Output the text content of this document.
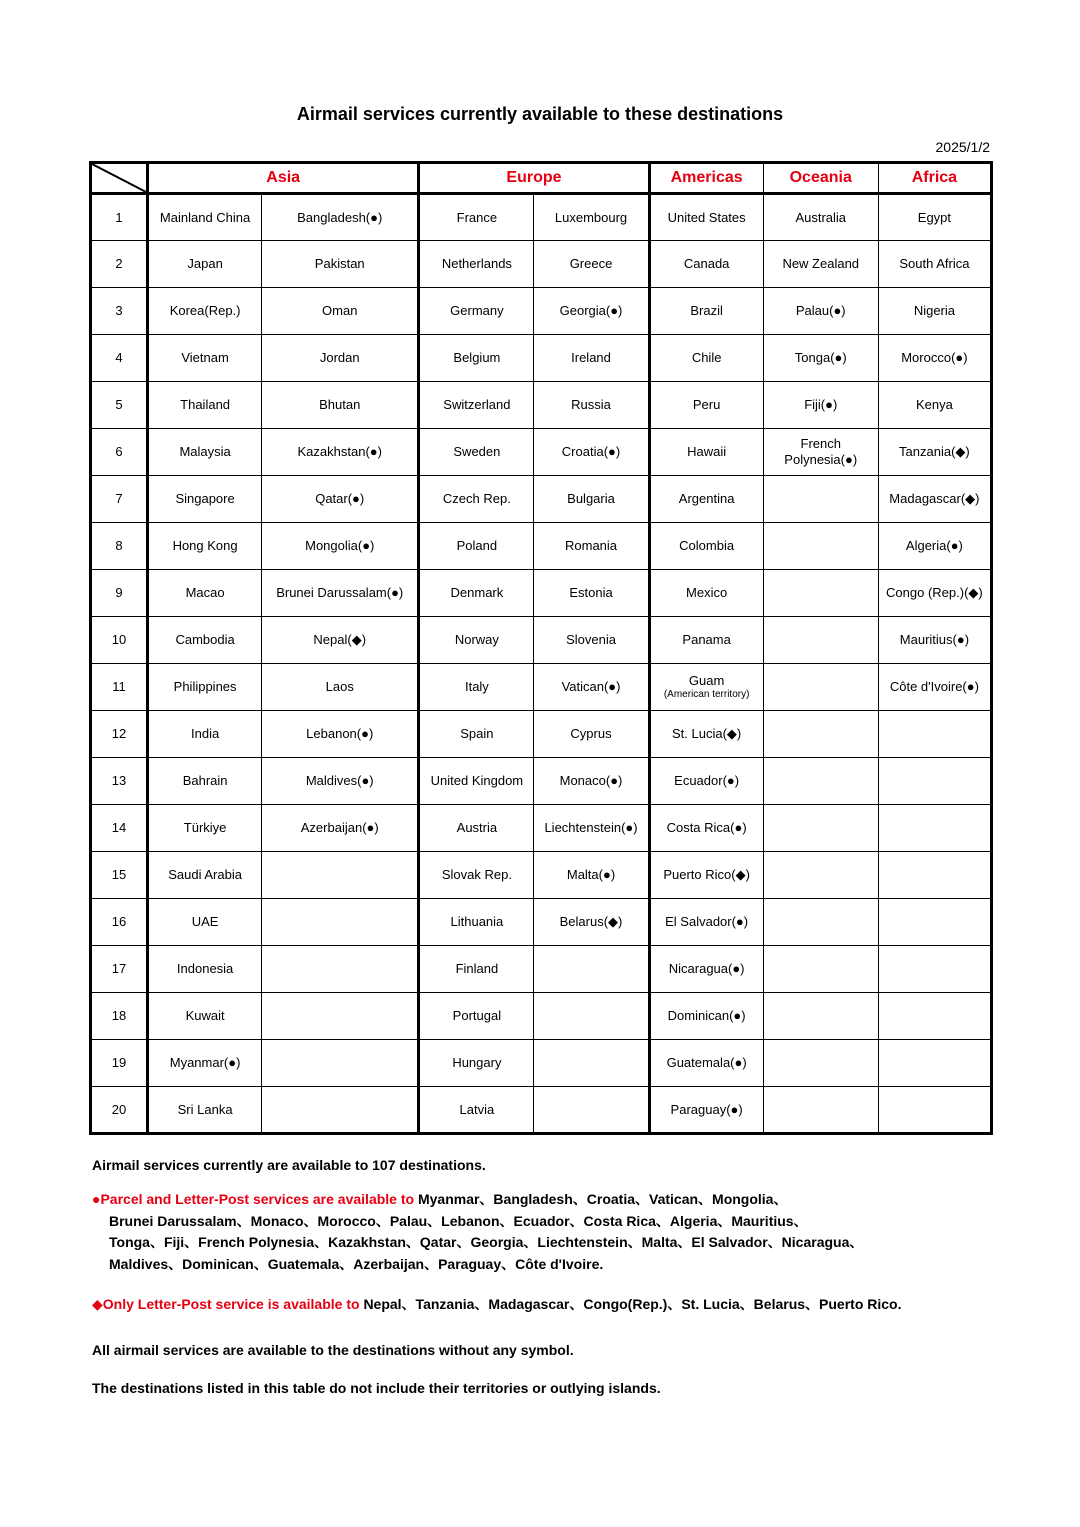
Airmail services currently available to these destinations
2025/1/2
	Asia		Europe		Americas	Oceania	Africa
1	Mainland China	Bangladesh(●)	France	Luxembourg	United States	Australia	Egypt
2	Japan	Pakistan	Netherlands	Greece	Canada	New Zealand	South Africa
3	Korea(Rep.)	Oman	Germany	Georgia(●)	Brazil	Palau(●)	Nigeria
4	Vietnam	Jordan	Belgium	Ireland	Chile	Tonga(●)	Morocco(●)
5	Thailand	Bhutan	Switzerland	Russia	Peru	Fiji(●)	Kenya
6	Malaysia	Kazakhstan(●)	Sweden	Croatia(●)	Hawaii	French Polynesia(●)	Tanzania(◆)
7	Singapore	Qatar(●)	Czech Rep.	Bulgaria	Argentina		Madagascar(◆)
8	Hong Kong	Mongolia(●)	Poland	Romania	Colombia		Algeria(●)
9	Macao	Brunei Darussalam(●)	Denmark	Estonia	Mexico		Congo (Rep.)(◆)
10	Cambodia	Nepal(◆)	Norway	Slovenia	Panama		Mauritius(●)
11	Philippines	Laos	Italy	Vatican(●)	Guam
(American territory)		Côte d'Ivoire(●)
12	India	Lebanon(●)	Spain	Cyprus	St. Lucia(◆)		
13	Bahrain	Maldives(●)	United Kingdom	Monaco(●)	Ecuador(●)		
14	Türkiye	Azerbaijan(●)	Austria	Liechtenstein(●)	Costa Rica(●)		
15	Saudi Arabia		Slovak Rep.	Malta(●)	Puerto Rico(◆)		
16	UAE		Lithuania	Belarus(◆)	El Salvador(●)		
17	Indonesia		Finland		Nicaragua(●)		
18	Kuwait		Portugal		Dominican(●)		
19	Myanmar(●)		Hungary		Guatemala(●)		
20	Sri Lanka		Latvia		Paraguay(●)		

Airmail services currently are available to 107 destinations.

●Parcel and Letter-Post services are available to Myanmar、Bangladesh、Croatia、Vatican、Mongolia、
Brunei Darussalam、Monaco、Morocco、Palau、Lebanon、Ecuador、Costa Rica、Algeria、Mauritius、
Tonga、Fiji、French Polynesia、Kazakhstan、Qatar、Georgia、Liechtenstein、Malta、El Salvador、Nicaragua、
Maldives、Dominican、Guatemala、Azerbaijan、Paraguay、Côte d'Ivoire.

◆Only Letter-Post service is available to Nepal、Tanzania、Madagascar、Congo(Rep.)、St. Lucia、Belarus、Puerto Rico.

All airmail services are available to the destinations without any symbol.

The destinations listed in this table do not include their territories or outlying islands.
